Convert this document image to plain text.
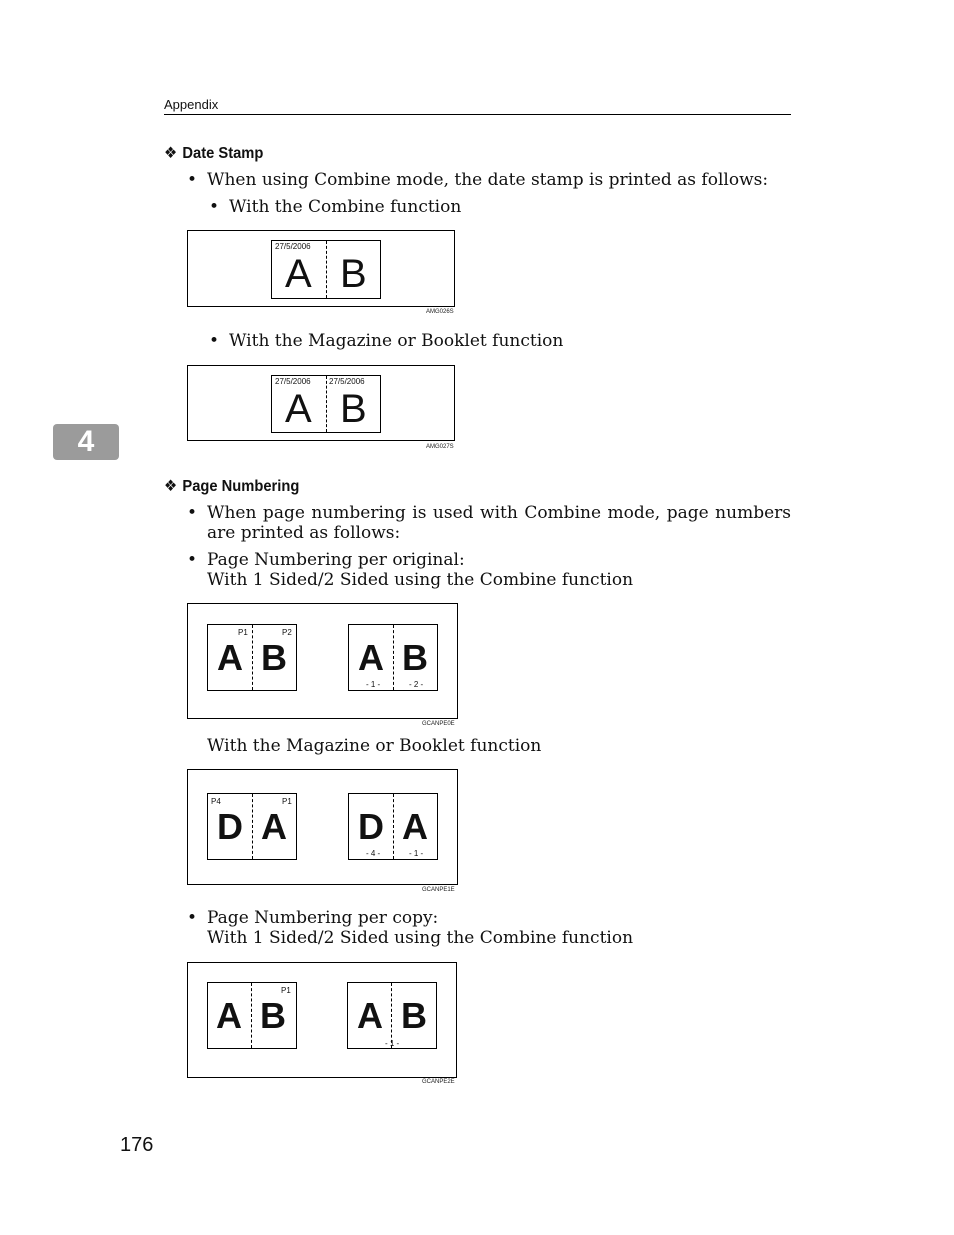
Appendix
4
❖ Date Stamp
• When using Combine mode, the date stamp is printed as follows:
• With the Combine function
27/5/2006
A B
AMG026S
• With the Magazine or Booklet function
27/5/2006 27/5/2006
A B
AMG027S
❖ Page Numbering
• When page numbering is used with Combine mode, page numbers are printed as follows:
• Page Numbering per original:
With 1 Sided/2 Sided using the Combine function
P1	P2
A B A B
- 1 -	- 2 -
GCANPE0E
With the Magazine or Booklet function
P4	P1
D A D A
- 4 -	- 1 -
GCANPE1E
• Page Numbering per copy:
With 1 Sided/2 Sided using the Combine function
P1
A B A B
- 1 -
GCANPE2E
176
